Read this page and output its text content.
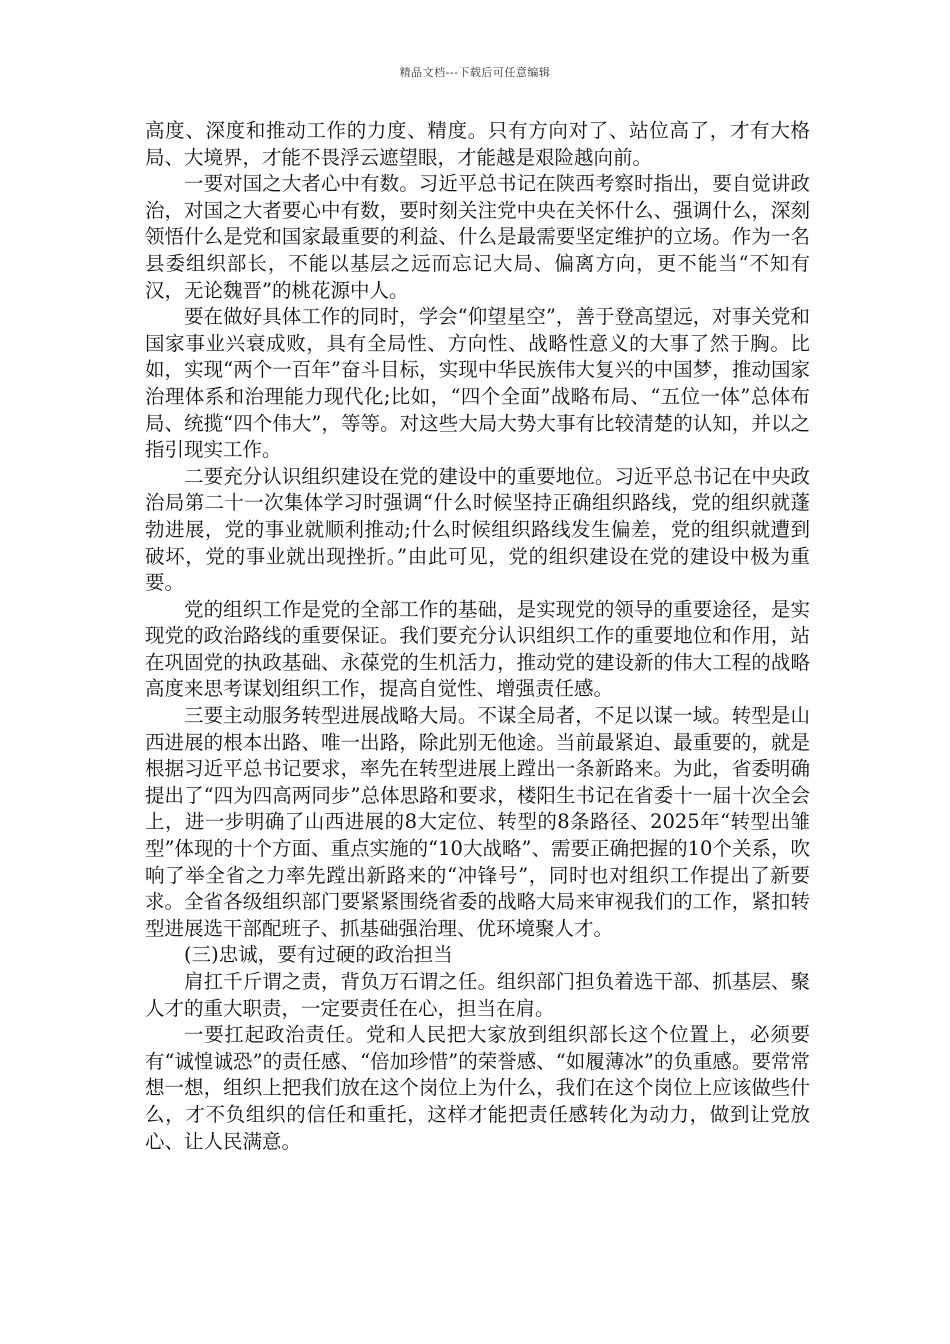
精品文档---下载后可任意编辑

高度、深度和推动工作的力度、精度。只有方向对了、站位高了，才有大格局、大境界，才能不畏浮云遮望眼，才能越是艰险越向前。

一要对国之大者心中有数。习近平总书记在陕西考察时指出，要自觉讲政治，对国之大者要心中有数，要时刻关注党中央在关怀什么、强调什么，深刻领悟什么是党和国家最重要的利益、什么是最需要坚定维护的立场。作为一名县委组织部长，不能以基层之远而忘记大局、偏离方向，更不能当“不知有汉，无论魏晋”的桃花源中人。

要在做好具体工作的同时，学会“仰望星空”，善于登高望远，对事关党和国家事业兴衰成败，具有全局性、方向性、战略性意义的大事了然于胸。比如，实现“两个一百年”奋斗目标，实现中华民族伟大复兴的中国梦，推动国家治理体系和治理能力现代化;比如，“四个全面”战略布局、“五位一体”总体布局、统揽“四个伟大”，等等。对这些大局大势大事有比较清楚的认知，并以之指引现实工作。

二要充分认识组织建设在党的建设中的重要地位。习近平总书记在中央政治局第二十一次集体学习时强调“什么时候坚持正确组织路线，党的组织就蓬勃进展，党的事业就顺利推动;什么时候组织路线发生偏差，党的组织就遭到破坏，党的事业就出现挫折。”由此可见，党的组织建设在党的建设中极为重要。

党的组织工作是党的全部工作的基础，是实现党的领导的重要途径，是实现党的政治路线的重要保证。我们要充分认识组织工作的重要地位和作用，站在巩固党的执政基础、永葆党的生机活力，推动党的建设新的伟大工程的战略高度来思考谋划组织工作，提高自觉性、增强责任感。

三要主动服务转型进展战略大局。不谋全局者，不足以谋一域。转型是山西进展的根本出路、唯一出路，除此别无他途。当前最紧迫、最重要的，就是根据习近平总书记要求，率先在转型进展上蹚出一条新路来。为此，省委明确提出了“四为四高两同步”总体思路和要求，楼阳生书记在省委十一届十次全会上，进一步明确了山西进展的8大定位、转型的8条路径、2025年“转型出雏型”体现的十个方面、重点实施的“10大战略”、需要正确把握的10个关系，吹响了举全省之力率先蹚出新路来的“冲锋号”，同时也对组织工作提出了新要求。全省各级组织部门要紧紧围绕省委的战略大局来审视我们的工作，紧扣转型进展选干部配班子、抓基础强治理、优环境聚人才。

(三)忠诚，要有过硬的政治担当

肩扛千斤谓之责，背负万石谓之任。组织部门担负着选干部、抓基层、聚人才的重大职责，一定要责任在心，担当在肩。

一要扛起政治责任。党和人民把大家放到组织部长这个位置上，必须要有“诚惶诚恐”的责任感、“倍加珍惜”的荣誉感、“如履薄冰”的负重感。要常常想一想，组织上把我们放在这个岗位上为什么，我们在这个岗位上应该做些什么，才不负组织的信任和重托，这样才能把责任感转化为动力，做到让党放心、让人民满意。
